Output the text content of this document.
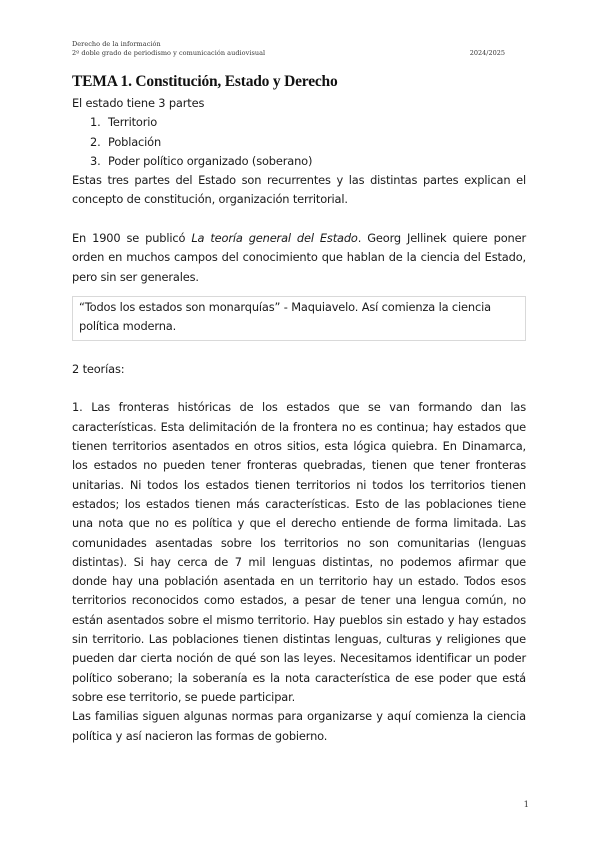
Derecho de la información
2º doble grado de periodismo y comunicación audiovisual	2024/2025
TEMA 1. Constitución, Estado y Derecho

El estado tiene 3 partes

1. Territorio
2. Población
3. Poder político organizado (soberano)

Estas tres partes del Estado son recurrentes y las distintas partes explican el concepto de constitución, organización territorial.

En 1900 se publicó La teoría general del Estado. Georg Jellinek quiere poner orden en muchos campos del conocimiento que hablan de la ciencia del Estado, pero sin ser generales.

“Todos los estados son monarquías” - Maquiavelo. Así comienza la ciencia política moderna.

2 teorías:

1. Las fronteras históricas de los estados que se van formando dan las características. Esta delimitación de la frontera no es continua; hay estados que tienen territorios asentados en otros sitios, esta lógica quiebra. En Dinamarca, los estados no pueden tener fronteras quebradas, tienen que tener fronteras unitarias. Ni todos los estados tienen territorios ni todos los territorios tienen estados; los estados tienen más características. Esto de las poblaciones tiene una nota que no es política y que el derecho entiende de forma limitada. Las comunidades asentadas sobre los territorios no son comunitarias (lenguas distintas). Si hay cerca de 7 mil lenguas distintas, no podemos afirmar que donde hay una población asentada en un territorio hay un estado. Todos esos territorios reconocidos como estados, a pesar de tener una lengua común, no están asentados sobre el mismo territorio. Hay pueblos sin estado y hay estados sin territorio. Las poblaciones tienen distintas lenguas, culturas y religiones que pueden dar cierta noción de qué son las leyes. Necesitamos identificar un poder político soberano; la soberanía es la nota característica de ese poder que está sobre ese territorio, se puede participar.

Las familias siguen algunas normas para organizarse y aquí comienza la ciencia política y así nacieron las formas de gobierno.

1
